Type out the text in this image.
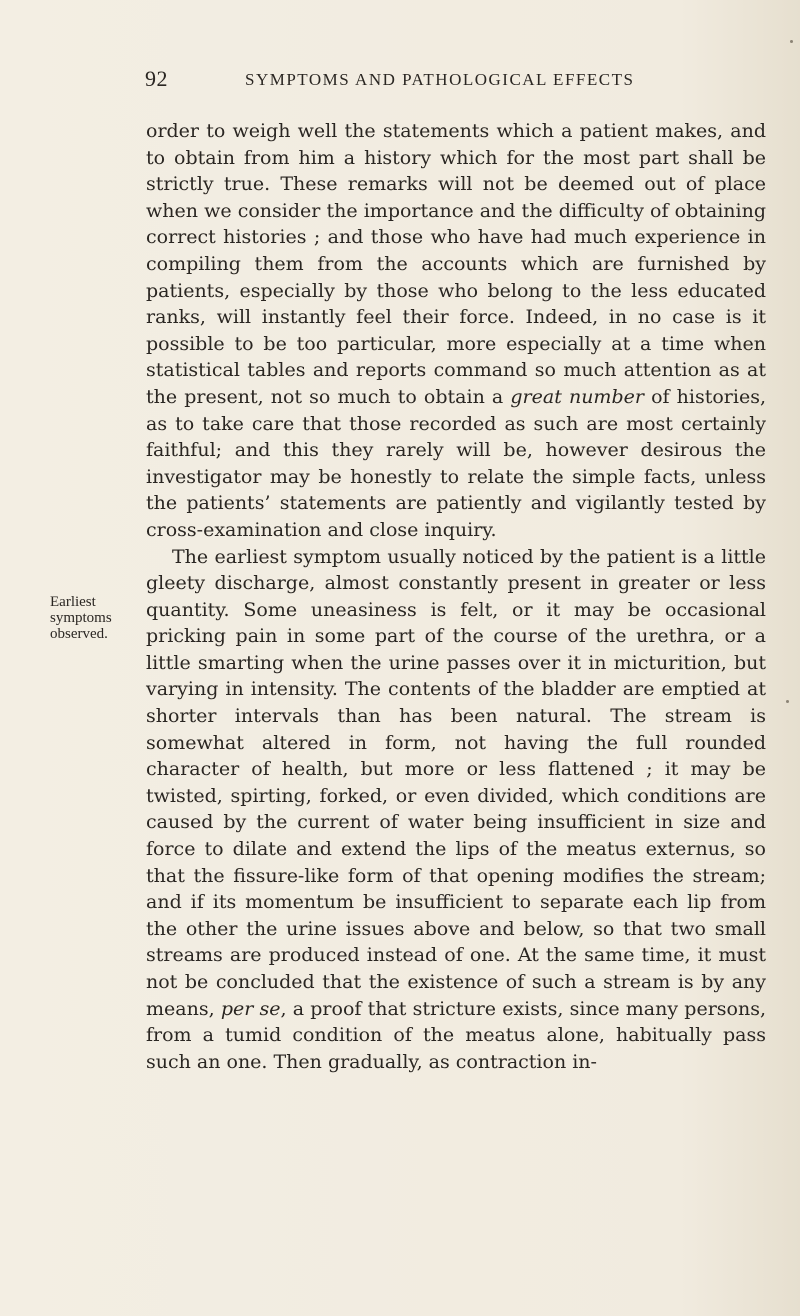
92	SYMPTOMS AND PATHOLOGICAL EFFECTS
Earliest
symptoms
observed.

order to weigh well the statements which a patient makes, and to obtain from him a history which for the most part shall be strictly true. These remarks will not be deemed out of place when we consider the importance and the difficulty of obtaining correct histories ; and those who have had much experience in compiling them from the accounts which are furnished by patients, especially by those who belong to the less educated ranks, will instantly feel their force. Indeed, in no case is it possible to be too particular, more especially at a time when statistical tables and reports command so much attention as at the present, not so much to obtain a great number of histories, as to take care that those recorded as such are most certainly faithful; and this they rarely will be, however desirous the investigator may be honestly to relate the simple facts, unless the patients’ statements are patiently and vigilantly tested by cross-examination and close inquiry.

The earliest symptom usually noticed by the patient is a little gleety discharge, almost constantly present in greater or less quantity. Some uneasiness is felt, or it may be occasional pricking pain in some part of the course of the urethra, or a little smarting when the urine passes over it in micturition, but varying in intensity. The contents of the bladder are emptied at shorter intervals than has been natural. The stream is somewhat altered in form, not having the full rounded character of health, but more or less flattened ; it may be twisted, spirting, forked, or even divided, which conditions are caused by the current of water being insufficient in size and force to dilate and extend the lips of the meatus externus, so that the fissure-like form of that opening modifies the stream; and if its momentum be insufficient to separate each lip from the other the urine issues above and below, so that two small streams are produced instead of one. At the same time, it must not be concluded that the existence of such a stream is by any means, per se, a proof that stricture exists, since many persons, from a tumid condition of the meatus alone, habitually pass such an one. Then gradually, as contraction in-
